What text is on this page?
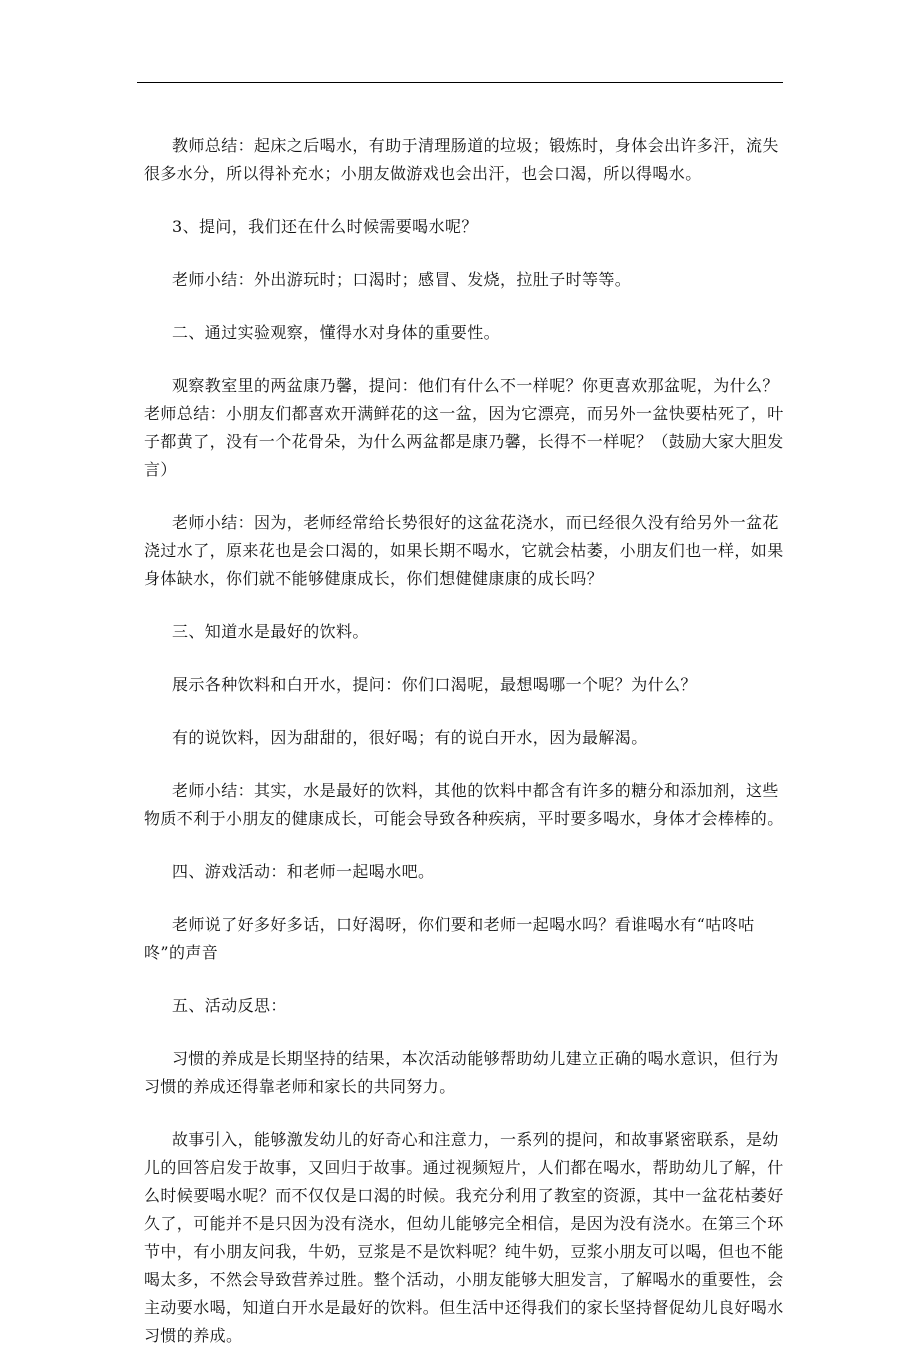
教师总结：起床之后喝水，有助于清理肠道的垃圾；锻炼时，身体会出许多汗，流失很多水分，所以得补充水；小朋友做游戏也会出汗，也会口渴，所以得喝水。

3、提问，我们还在什么时候需要喝水呢？

老师小结：外出游玩时；口渴时；感冒、发烧，拉肚子时等等。

二、通过实验观察，懂得水对身体的重要性。

观察教室里的两盆康乃馨，提问：他们有什么不一样呢？你更喜欢那盆呢，为什么？老师总结：小朋友们都喜欢开满鲜花的这一盆，因为它漂亮，而另外一盆快要枯死了，叶子都黄了，没有一个花骨朵，为什么两盆都是康乃馨，长得不一样呢？（鼓励大家大胆发言）

老师小结：因为，老师经常给长势很好的这盆花浇水，而已经很久没有给另外一盆花浇过水了，原来花也是会口渴的，如果长期不喝水，它就会枯萎，小朋友们也一样，如果身体缺水，你们就不能够健康成长，你们想健健康康的成长吗？

三、知道水是最好的饮料。

展示各种饮料和白开水，提问：你们口渴呢，最想喝哪一个呢？为什么？

有的说饮料，因为甜甜的，很好喝；有的说白开水，因为最解渴。

老师小结：其实，水是最好的饮料，其他的饮料中都含有许多的糖分和添加剂，这些物质不利于小朋友的健康成长，可能会导致各种疾病，平时要多喝水，身体才会棒棒的。

四、游戏活动：和老师一起喝水吧。

老师说了好多好多话，口好渴呀，你们要和老师一起喝水吗？看谁喝水有“咕咚咕咚”的声音

五、活动反思：

习惯的养成是长期坚持的结果，本次活动能够帮助幼儿建立正确的喝水意识，但行为习惯的养成还得靠老师和家长的共同努力。

故事引入，能够激发幼儿的好奇心和注意力，一系列的提问，和故事紧密联系，是幼儿的回答启发于故事，又回归于故事。通过视频短片，人们都在喝水，帮助幼儿了解，什么时候要喝水呢？而不仅仅是口渴的时候。我充分利用了教室的资源，其中一盆花枯萎好久了，可能并不是只因为没有浇水，但幼儿能够完全相信，是因为没有浇水。在第三个环节中，有小朋友问我，牛奶，豆浆是不是饮料呢？纯牛奶，豆浆小朋友可以喝，但也不能喝太多，不然会导致营养过胜。整个活动，小朋友能够大胆发言，了解喝水的重要性，会主动要水喝，知道白开水是最好的饮料。但生活中还得我们的家长坚持督促幼儿良好喝水习惯的养成。
